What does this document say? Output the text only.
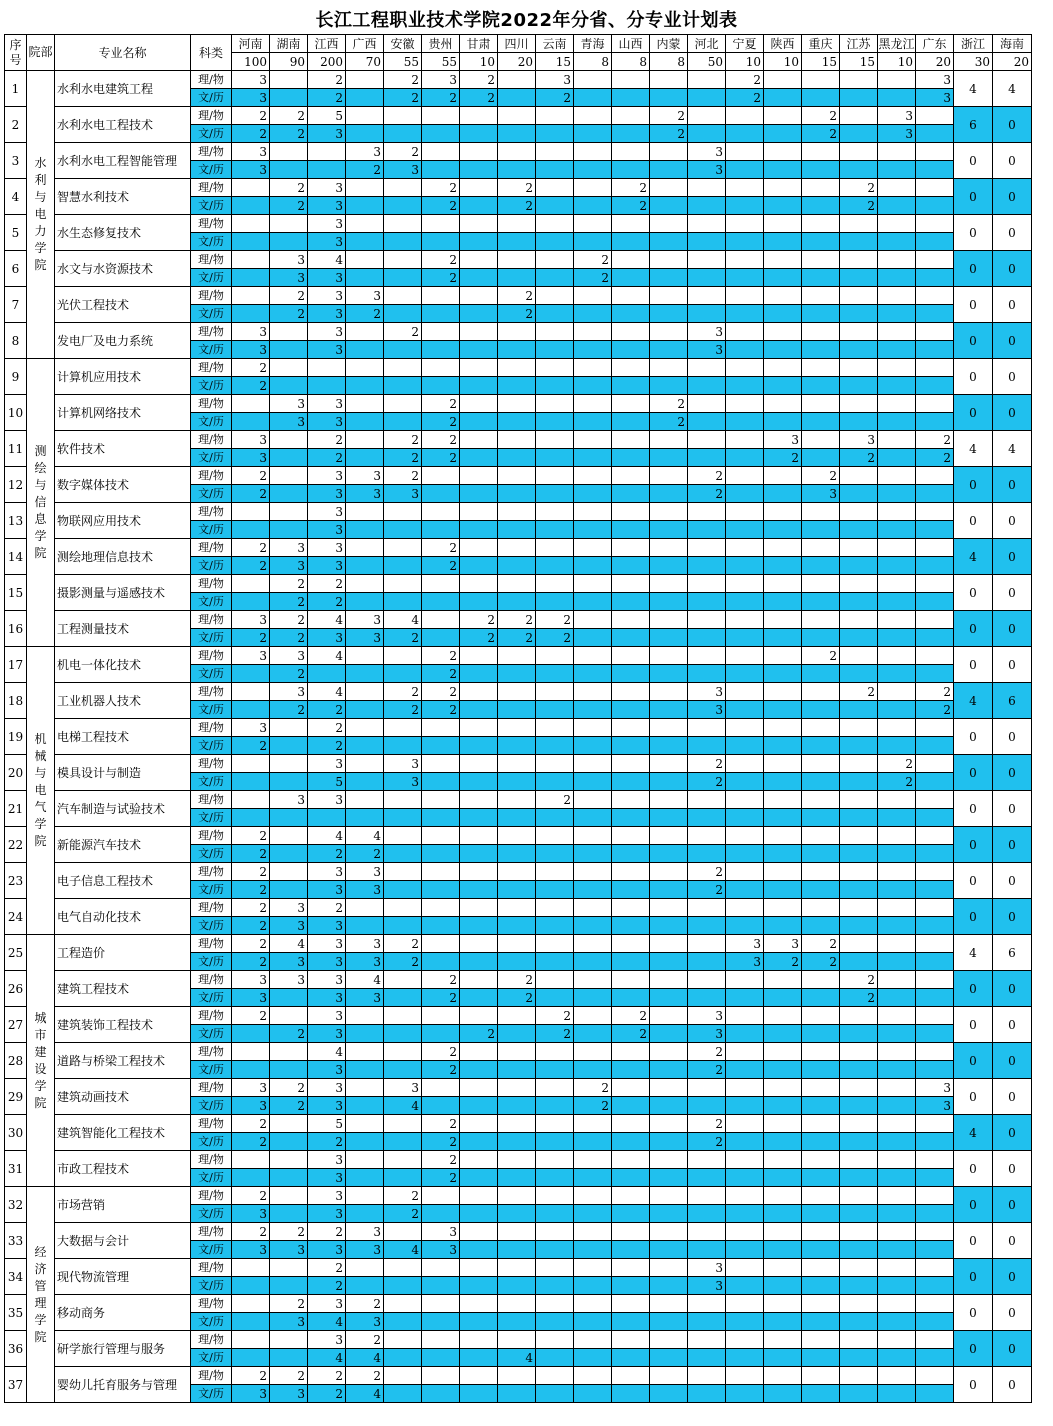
长江工程职业技术学院2022年分省、分专业计划表
序号	院部	专业名称	科类	河南	湖南	江西	广西	安徽	贵州	甘肃	四川	云南	青海	山西	内蒙	河北	宁夏	陕西	重庆	江苏	黑龙江	广东	浙江	海南
				100	90	200	70	55	55	10	20	15	8	8	8	50	10	10	15	15	10	20	30	20
1	水利与电力学院	水利水电建筑工程	理/物	3		2		2	3	2		3					2					3	4	4
			文/历	3		2		2	2	2		2					2					3		
2		水利水电工程技术	理/物	2	2	5									2				2		3		6	0
			文/历	2	2	3									2				2		3			
3		水利水电工程智能管理	理/物	3			3	2								3							0	0
			文/历	3			2	3								3								
4		智慧水利技术	理/物		2	3			2		2			2						2			0	0
			文/历		2	3			2		2			2						2				
5		水生态修复技术	理/物			3																	0	0
			文/历			3																		
6		水文与水资源技术	理/物		3	4			2				2										0	0
			文/历		3	3			2				2											
7		光伏工程技术	理/物		2	3	3				2												0	0
			文/历		2	3	2				2													
8		发电厂及电力系统	理/物	3		3		2								3							0	0
			文/历	3		3										3								
9	测绘与信息学院	计算机应用技术	理/物	2																			0	0
			文/历	2																				
10		计算机网络技术	理/物		3	3			2						2								0	0
			文/历		3	3			2						2									
11		软件技术	理/物	3		2		2	2									3		3		2	4	4
			文/历	3		2		2	2									2		2		2		
12		数字媒体技术	理/物	2		3	3	2								2			2				0	0
			文/历	2		3	3	3								2			3					
13		物联网应用技术	理/物			3																	0	0
			文/历			3																		
14		测绘地理信息技术	理/物	2	3	3			2														4	0
			文/历	2	3	3			2															
15		摄影测量与遥感技术	理/物		2	2																	0	0
			文/历		2	2																		
16		工程测量技术	理/物	3	2	4	3	4		2	2	2											0	0
			文/历	2	2	3	3	2		2	2	2												
17	机械与电气学院	机电一体化技术	理/物	3	3	4			2										2				0	0
			文/历		2				2															
18		工业机器人技术	理/物		3	4		2	2							3				2		2	4	6
			文/历		2	2		2	2							3						2		
19		电梯工程技术	理/物	3		2																	0	0
			文/历	2		2																		
20		模具设计与制造	理/物			3		3								2					2		0	0
			文/历			5		3								2					2			
21		汽车制造与试验技术	理/物		3	3						2											0	0
			文/历																					
22		新能源汽车技术	理/物	2		4	4																0	0
			文/历	2		2	2																	
23		电子信息工程技术	理/物	2		3	3									2							0	0
			文/历	2		3	3									2								
24		电气自动化技术	理/物	2	3	2																	0	0
			文/历	2	3	3																		
25	城市建设学院	工程造价	理/物	2	4	3	3	2									3	3	2				4	6
			文/历	2	3	3	3	2									3	2	2					
26		建筑工程技术	理/物	3	3	3	4		2		2									2			0	0
			文/历	3		3	3		2		2									2				
27		建筑装饰工程技术	理/物	2		3						2		2		3							0	0
			文/历		2	3				2		2		2		3								
28		道路与桥梁工程技术	理/物			4			2							2							0	0
			文/历			3			2							2								
29		建筑动画技术	理/物	3	2	3		3					2									3	0	0
			文/历	3	2	3		4					2									3		
30		建筑智能化工程技术	理/物	2		5			2							2							4	0
			文/历	2		2			2							2								
31		市政工程技术	理/物			3			2														0	0
			文/历			3			2															
32	经济管理学院	市场营销	理/物	2		3		2															0	0
			文/历	3		3		2																
33		大数据与会计	理/物	2	2	2	3		3														0	0
			文/历	3	3	3	3	4	3															
34		现代物流管理	理/物			2										3							0	0
			文/历			2										3								
35		移动商务	理/物		2	3	2																0	0
			文/历		3	4	3																	
36		研学旅行管理与服务	理/物			3	2																0	0
			文/历			4	4				4													
37		婴幼儿托育服务与管理	理/物	2	2	2	2																0	0
			文/历	3	3	2	4																	
